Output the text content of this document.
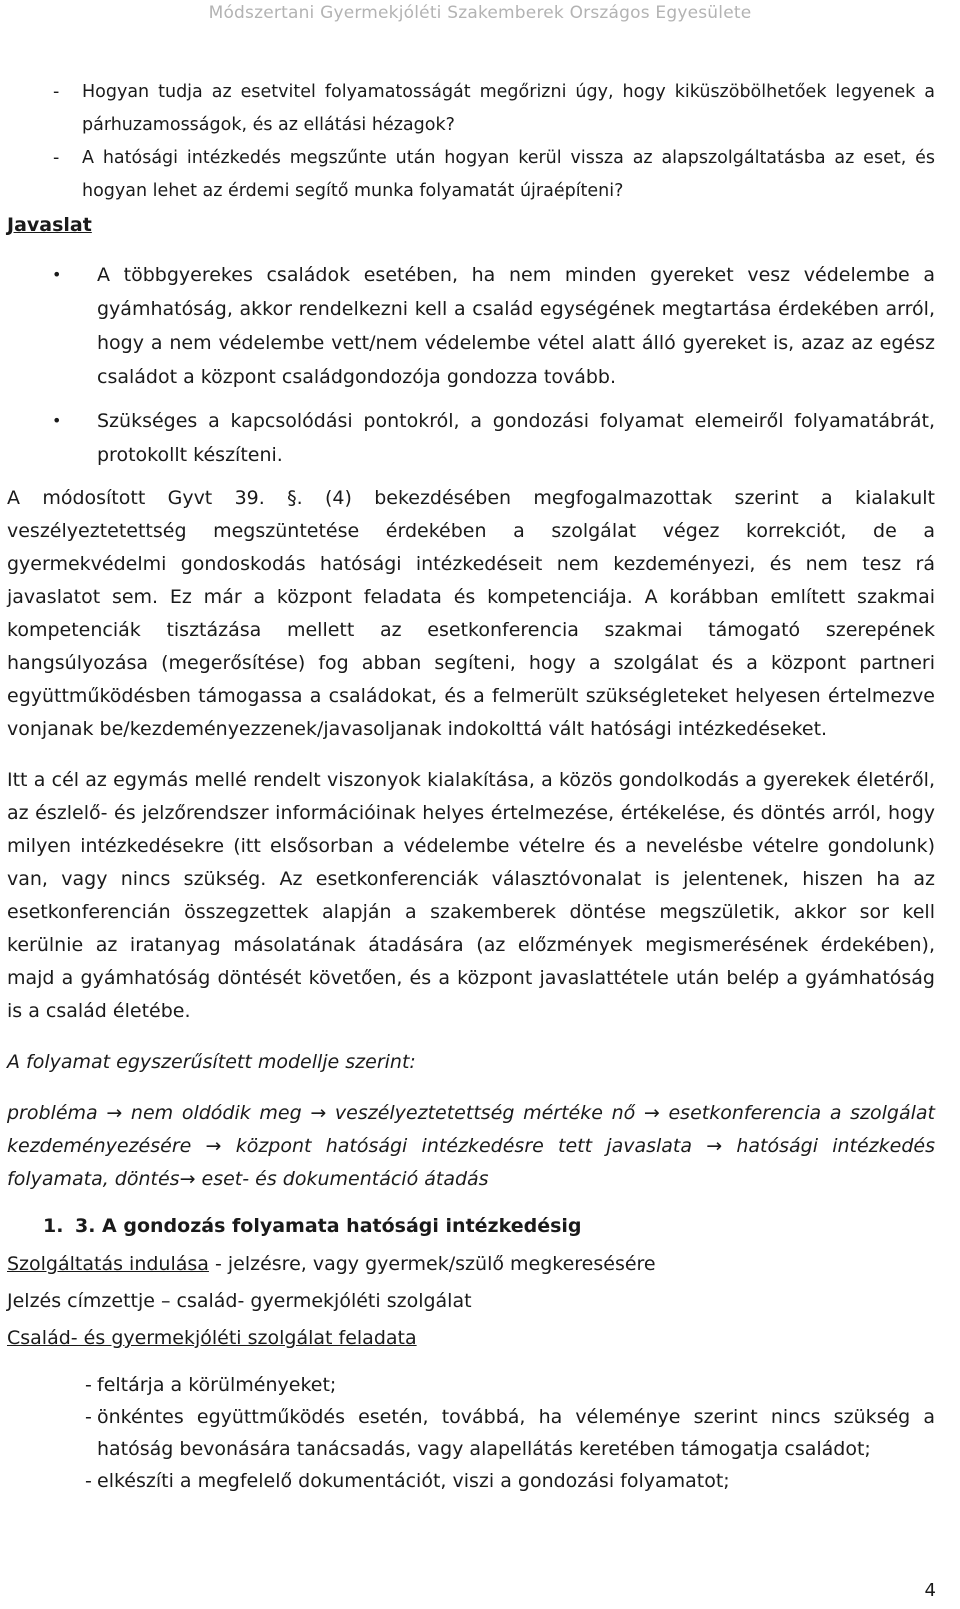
Módszertani Gyermekjóléti Szakemberek Országos Egyesülete
-	Hogyan tudja az esetvitel folyamatosságát megőrizni úgy, hogy kiküszöbölhetőek legyenek a párhuzamosságok, és az ellátási hézagok?
-	A hatósági intézkedés megszűnte után hogyan kerül vissza az alapszolgáltatásba az eset, és hogyan lehet az érdemi segítő munka folyamatát újraépíteni?
Javaslat
•	A többgyerekes családok esetében, ha nem minden gyereket vesz védelembe a gyámhatóság, akkor rendelkezni kell a család egységének megtartása érdekében arról, hogy a nem védelembe vett/nem védelembe vétel alatt álló gyereket is, azaz az egész családot a központ családgondozója gondozza tovább.
•	Szükséges a kapcsolódási pontokról, a gondozási folyamat elemeiről folyamatábrát, protokollt készíteni.

A módosított Gyvt 39. §. (4) bekezdésében megfogalmazottak szerint a kialakult veszélyeztetettség megszüntetése érdekében a szolgálat végez korrekciót, de a gyermekvédelmi gondoskodás hatósági intézkedéseit nem kezdeményezi, és nem tesz rá javaslatot sem. Ez már a központ feladata és kompetenciája. A korábban említett szakmai kompetenciák tisztázása mellett az esetkonferencia szakmai támogató szerepének hangsúlyozása (megerősítése) fog abban segíteni, hogy a szolgálat és a központ partneri együttműködésben támogassa a családokat, és a felmerült szükségleteket helyesen értelmezve vonjanak be/kezdeményezzenek/javasoljanak indokolttá vált hatósági intézkedéseket.

Itt a cél az egymás mellé rendelt viszonyok kialakítása, a közös gondolkodás a gyerekek életéről, az észlelő- és jelzőrendszer információinak helyes értelmezése, értékelése, és döntés arról, hogy milyen intézkedésekre (itt elsősorban a védelembe vételre és a nevelésbe vételre gondolunk) van, vagy nincs szükség. Az esetkonferenciák választóvonalat is jelentenek, hiszen ha az esetkonferencián összegzettek alapján a szakemberek döntése megszületik, akkor sor kell kerülnie az iratanyag másolatának átadására (az előzmények megismerésének érdekében), majd a gyámhatóság döntését követően, és a központ javaslattétele után belép a gyámhatóság is a család életébe.

A folyamat egyszerűsített modellje szerint:

probléma → nem oldódik meg → veszélyeztetettség mértéke nő → esetkonferencia a szolgálat kezdeményezésére → központ hatósági intézkedésre tett javaslata → hatósági intézkedés folyamata, döntés→ eset- és dokumentáció átadás

1. 3. A gondozás folyamata hatósági intézkedésig
Szolgáltatás indulása - jelzésre, vagy gyermek/szülő megkeresésére
Jelzés címzettje – család- gyermekjóléti szolgálat
Család- és gyermekjóléti szolgálat feladata
- feltárja a körülményeket;
- önkéntes együttműködés esetén, továbbá, ha véleménye szerint nincs szükség a hatóság bevonására tanácsadás, vagy alapellátás keretében támogatja családot;
- elkészíti a megfelelő dokumentációt, viszi a gondozási folyamatot;
4
